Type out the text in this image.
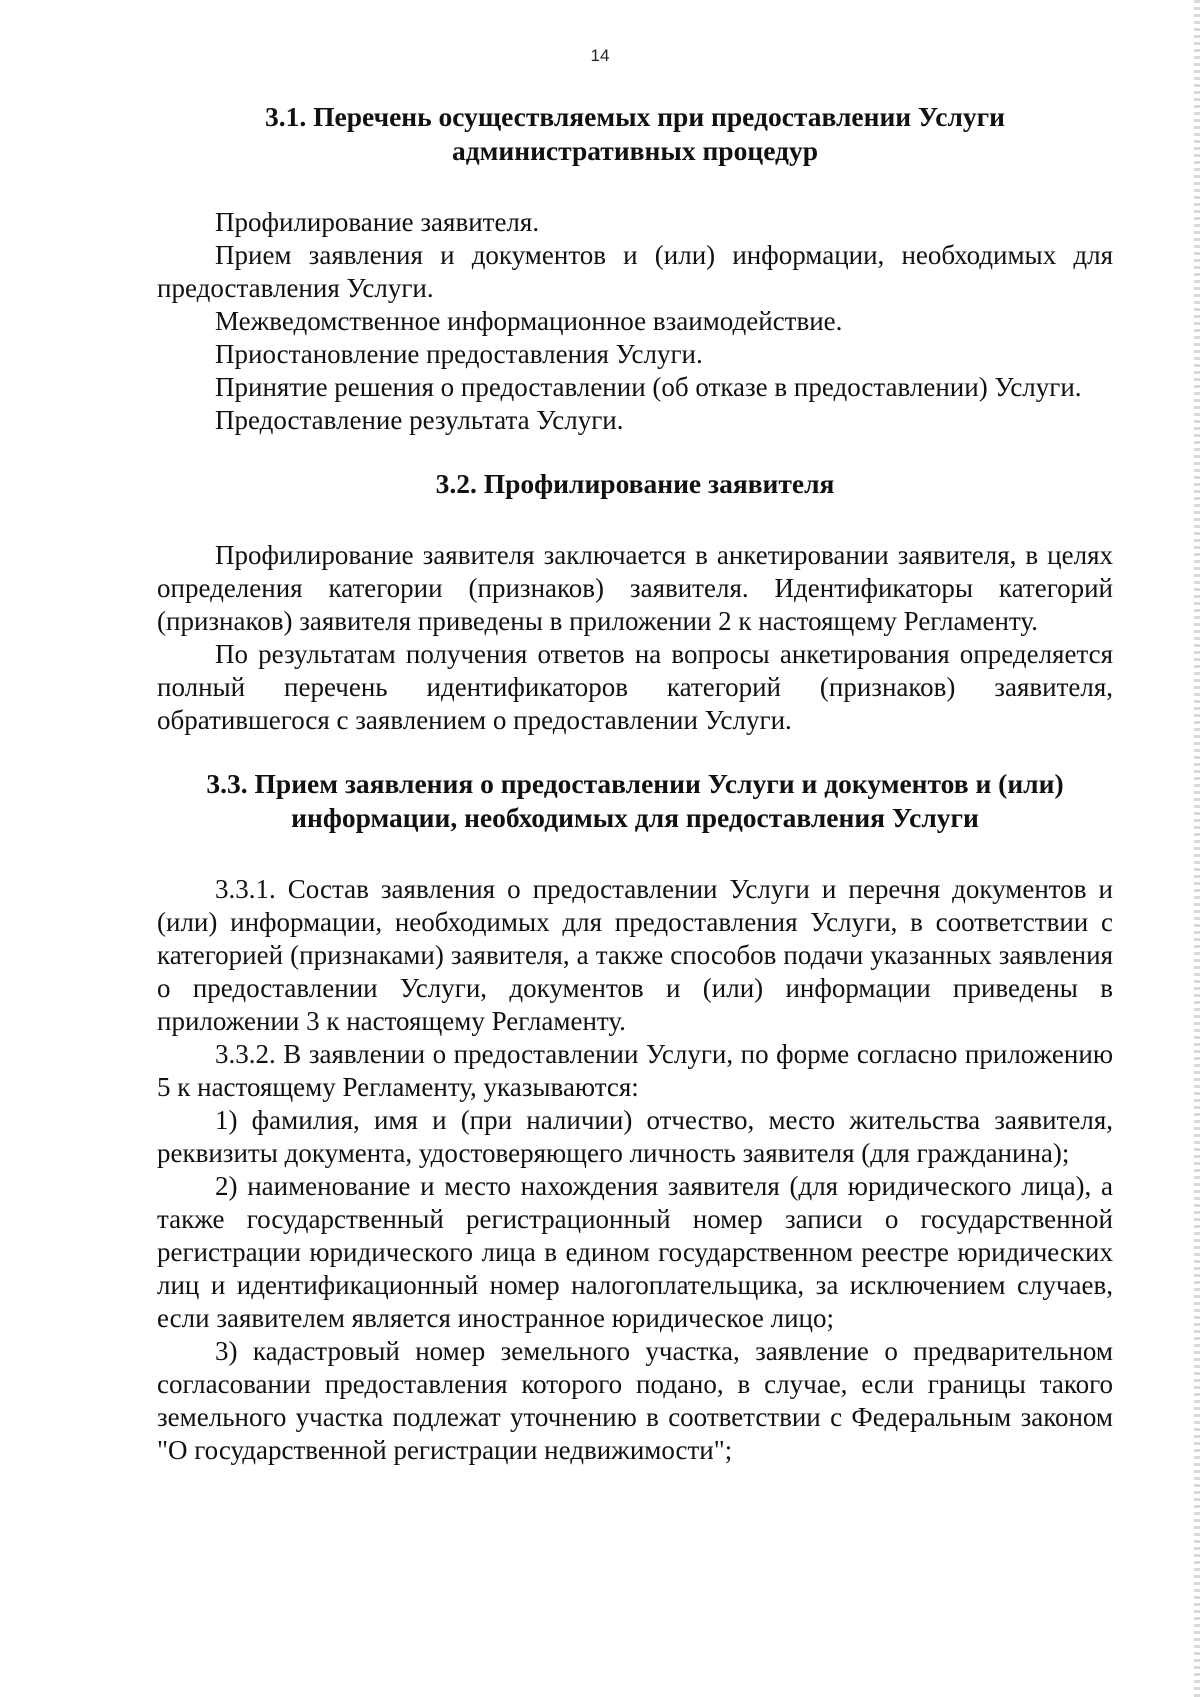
14
3.1. Перечень осуществляемых при предоставлении Услуги
административных процедур

Профилирование заявителя.

Прием заявления и документов и (или) информации, необходимых для предоставления Услуги.

Межведомственное информационное взаимодействие.

Приостановление предоставления Услуги.

Принятие решения о предоставлении (об отказе в предоставлении) Услуги.

Предоставление результата Услуги.

3.2. Профилирование заявителя

Профилирование заявителя заключается в анкетировании заявителя, в целях определения категории (признаков) заявителя. Идентификаторы категорий (признаков) заявителя приведены в приложении 2 к настоящему Регламенту.

По результатам получения ответов на вопросы анкетирования определяется полный перечень идентификаторов категорий (признаков) заявителя, обратившегося с заявлением о предоставлении Услуги.

3.3. Прием заявления о предоставлении Услуги и документов и (или)
информации, необходимых для предоставления Услуги

3.3.1. Состав заявления о предоставлении Услуги и перечня документов и (или) информации, необходимых для предоставления Услуги, в соответствии с категорией (признаками) заявителя, а также способов подачи указанных заявления о предоставлении Услуги, документов и (или) информации приведены в приложении 3 к настоящему Регламенту.

3.3.2. В заявлении о предоставлении Услуги, по форме согласно приложению 5 к настоящему Регламенту, указываются:

1) фамилия, имя и (при наличии) отчество, место жительства заявителя, реквизиты документа, удостоверяющего личность заявителя (для гражданина);

2) наименование и место нахождения заявителя (для юридического лица), а также государственный регистрационный номер записи о государственной регистрации юридического лица в едином государственном реестре юридических лиц и идентификационный номер налогоплательщика, за исключением случаев, если заявителем является иностранное юридическое лицо;

3) кадастровый номер земельного участка, заявление о предварительном согласовании предоставления которого подано, в случае, если границы такого земельного участка подлежат уточнению в соответствии с Федеральным законом "О государственной регистрации недвижимости";
